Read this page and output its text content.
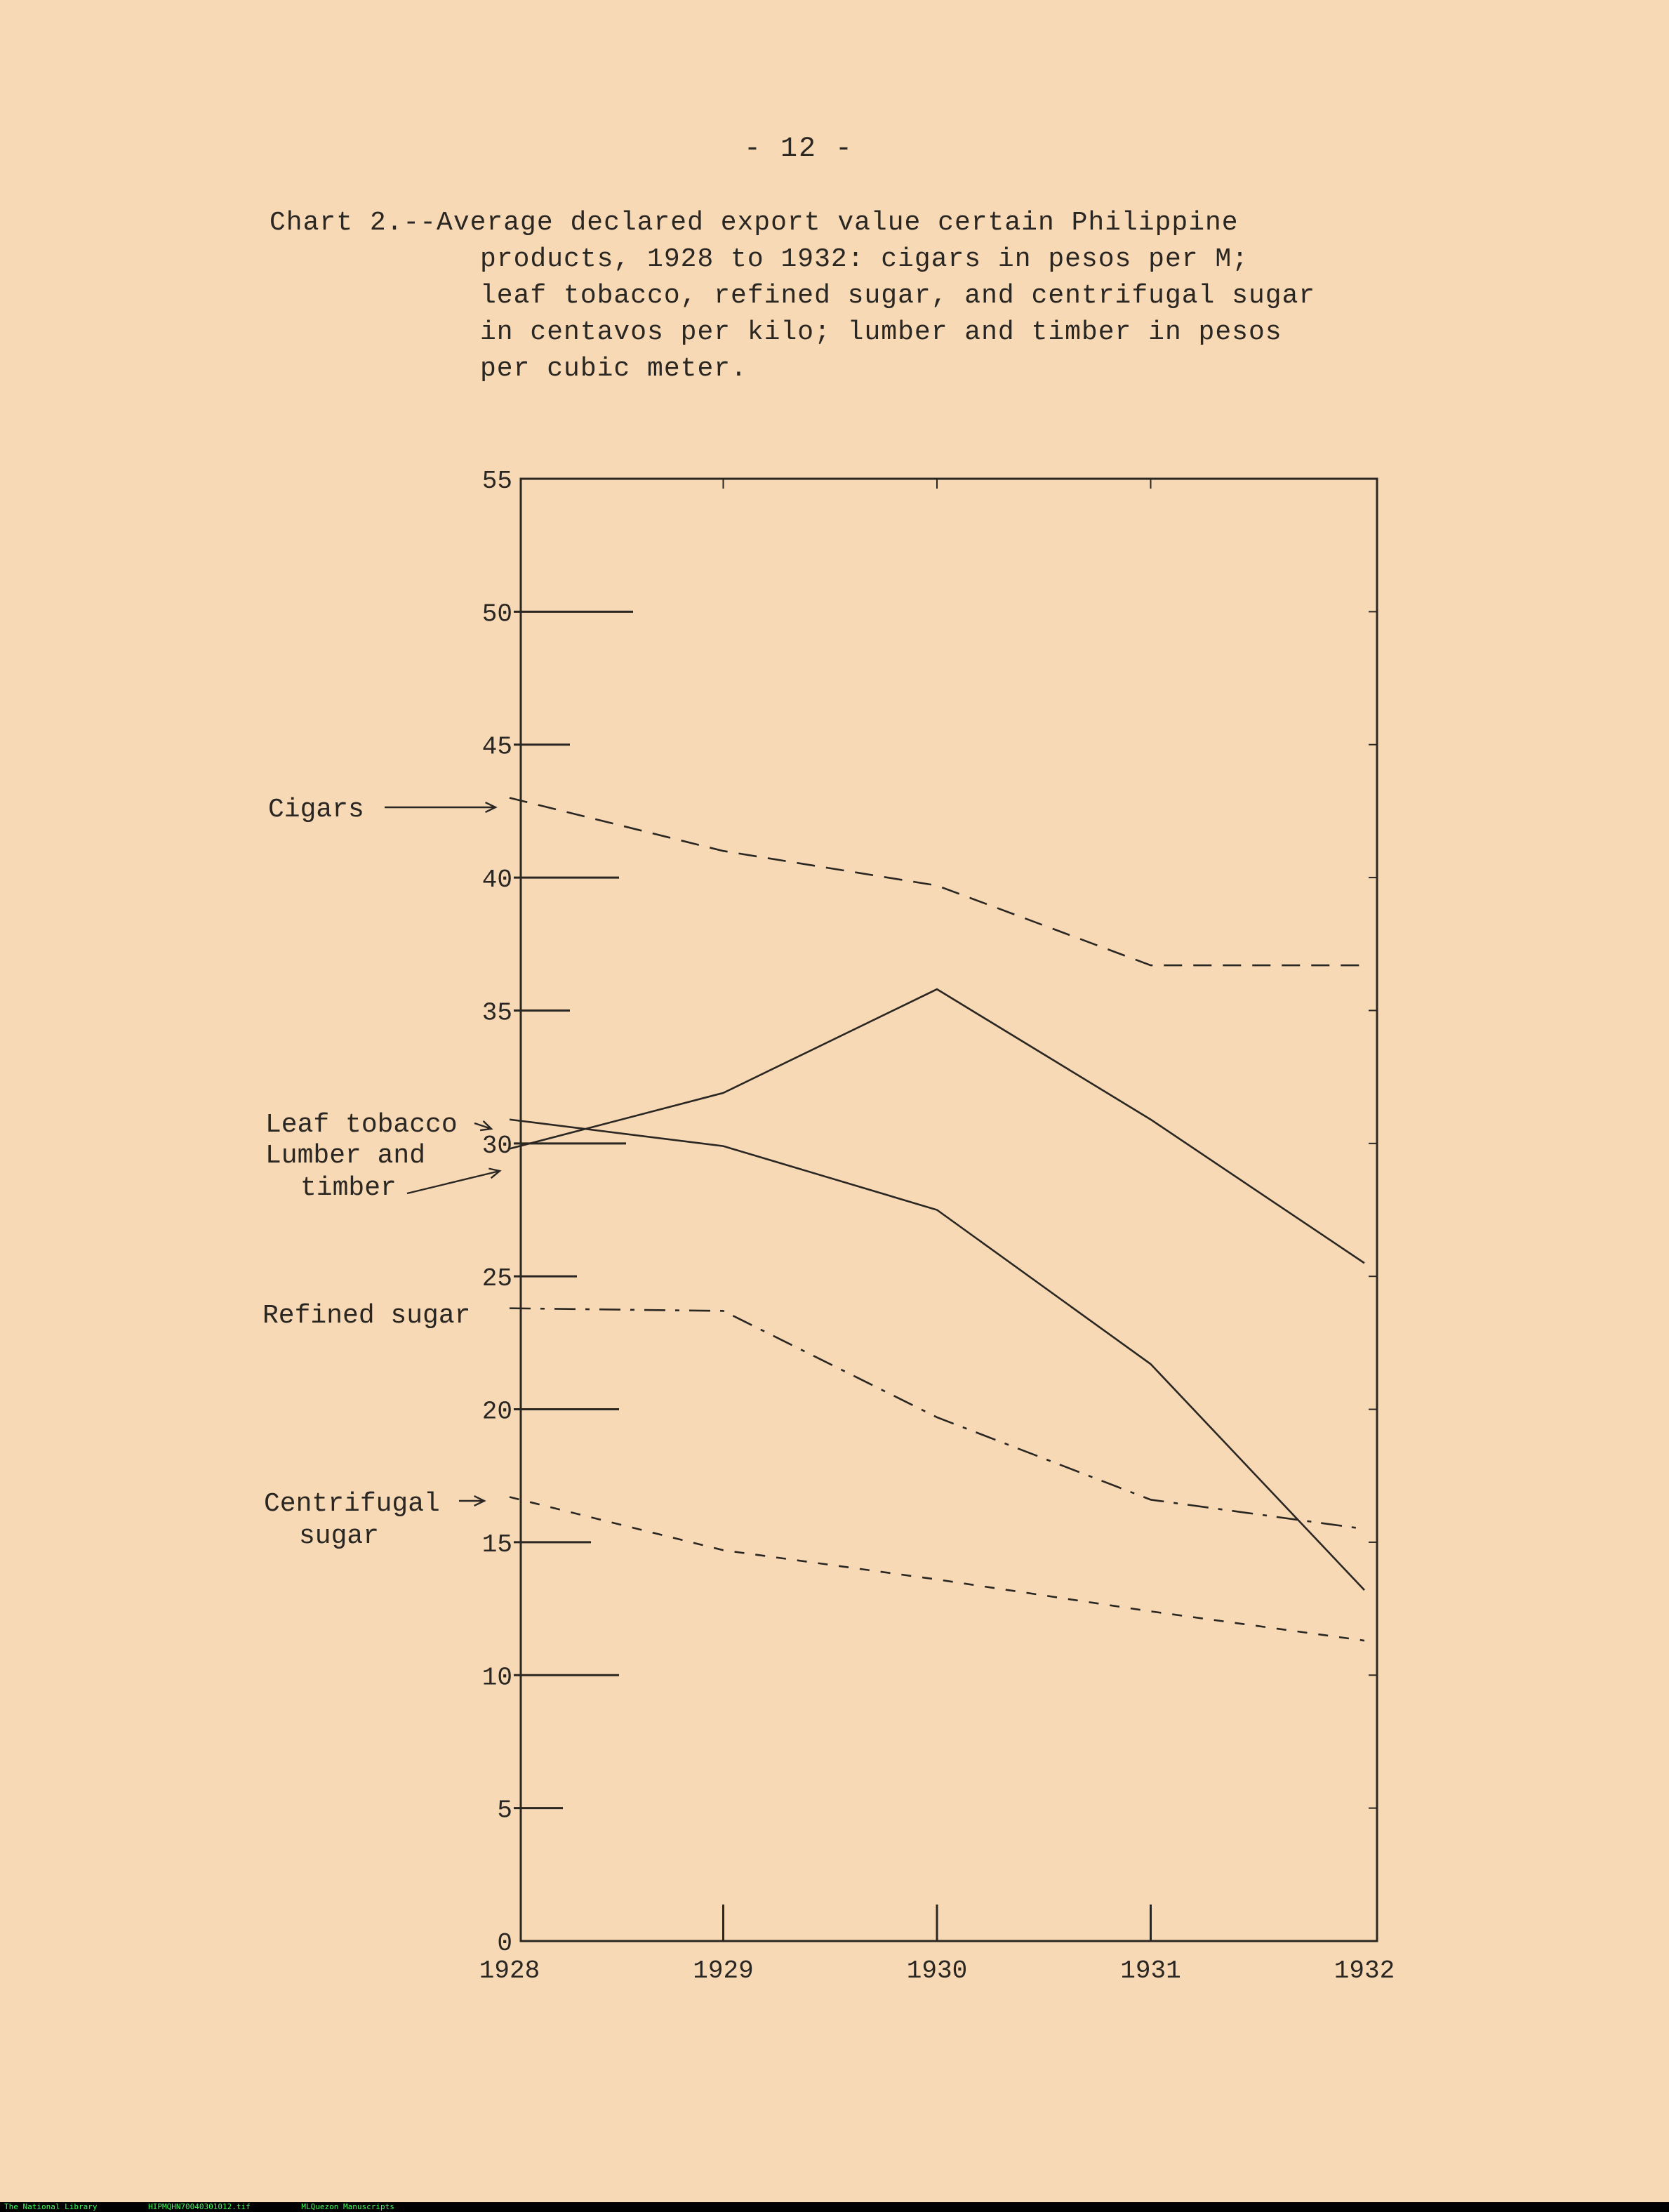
- 12 -
Chart 2.--Average declared export value certain Philippine
products, 1928 to 1932: cigars in pesos per M;
leaf tobacco, refined sugar, and centrifugal sugar
in centavos per kilo; lumber and timber in pesos
per cubic meter.
0
5
10
15
20
25
30
35
40
45
50
55
1928	1929	1930	1931	1932
Cigars
Leaf tobacco
Lumber and
timber
Refined sugar
Centrifugal
sugar
The National Library	HIPMQHN70040301012.tif	MLQuezon Manuscripts
